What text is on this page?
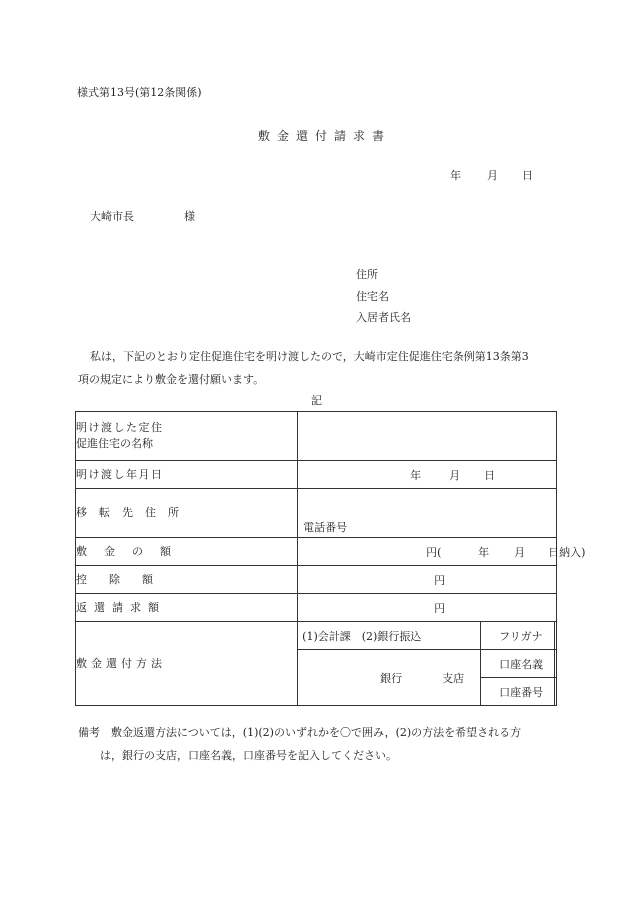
様式第13号(第12条関係)
敷金還付請求書
年 月 日
大崎市長	様
住所
住宅名
入居者氏名
私は，下記のとおり定住促進住宅を明け渡したので，大崎市定住促進住宅条例第13条第3
項の規定により敷金を還付願います。
記
明け渡した定住
促進住宅の名称			

明け渡し年月日	年 月 日		

移転先住所	電話番号		

敷金の額	円( 年 月 日納入)		

控除額	円		

返還請求額	円		

敷金還付方法	(1)会計課　(2)銀行振込	フリガナ	

	銀行 支店	口座名義	
		口座番号	
備考　敷金返還方法については，(1)(2)のいずれかを〇で囲み，(2)の方法を希望される方
　　は，銀行の支店，口座名義，口座番号を記入してください。
